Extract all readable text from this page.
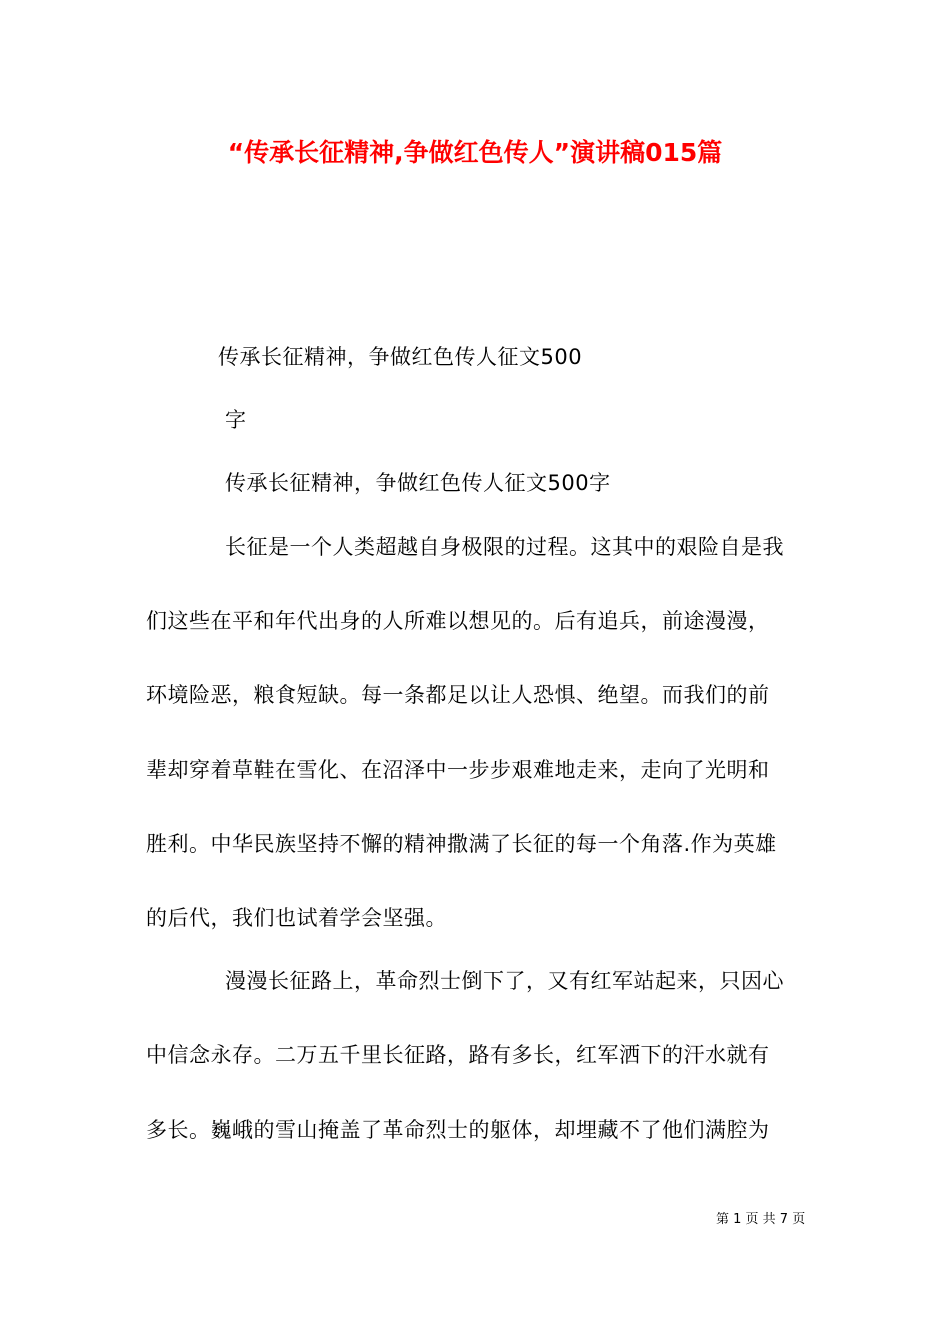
“传承长征精神,争做红色传人”演讲稿015篇
传承长征精神，争做红色传人征文500
字
传承长征精神，争做红色传人征文500字
长征是一个人类超越自身极限的过程。这其中的艰险自是我
们这些在平和年代出身的人所难以想见的。后有追兵，前途漫漫，
环境险恶，粮食短缺。每一条都足以让人恐惧、绝望。而我们的前
辈却穿着草鞋在雪化、在沼泽中一步步艰难地走来，走向了光明和
胜利。中华民族坚持不懈的精神撒满了长征的每一个角落.作为英雄
的后代，我们也试着学会坚强。
漫漫长征路上，革命烈士倒下了，又有红军站起来，只因心
中信念永存。二万五千里长征路，路有多长，红军洒下的汗水就有
多长。巍峨的雪山掩盖了革命烈士的躯体，却埋藏不了他们满腔为
第 1 页 共 7 页
